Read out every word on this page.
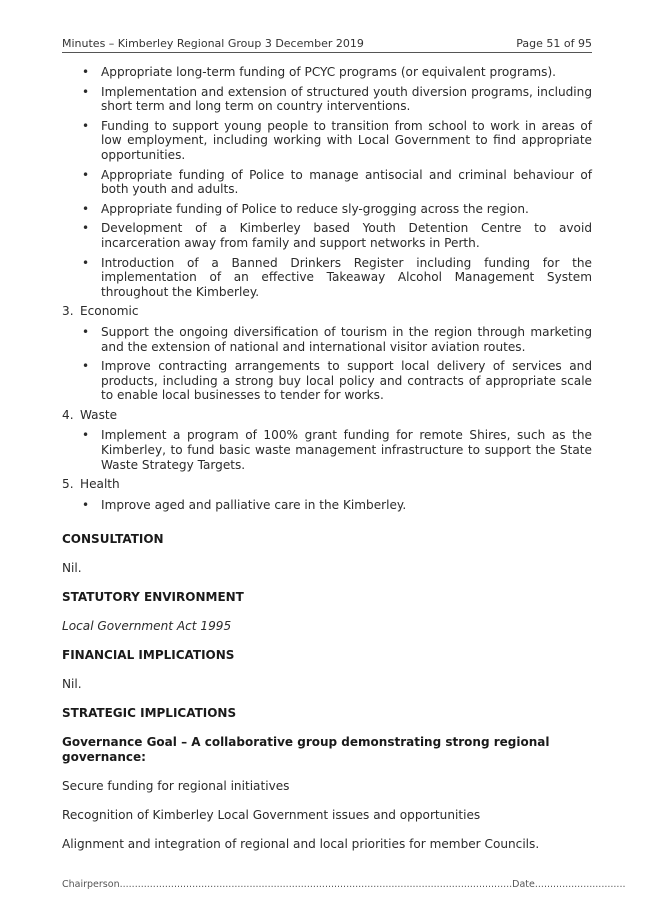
Minutes – Kimberley Regional Group 3 December 2019	Page 51 of 95
• Appropriate long-term funding of PCYC programs (or equivalent programs).
• Implementation and extension of structured youth diversion programs, including short term and long term on country interventions.
• Funding to support young people to transition from school to work in areas of low employment, including working with Local Government to find appropriate opportunities.
• Appropriate funding of Police to manage antisocial and criminal behaviour of both youth and adults.
• Appropriate funding of Police to reduce sly-grogging across the region.
• Development of a Kimberley based Youth Detention Centre to avoid incarceration away from family and support networks in Perth.
• Introduction of a Banned Drinkers Register including funding for the implementation of an effective Takeaway Alcohol Management System throughout the Kimberley.
3. Economic
• Support the ongoing diversification of tourism in the region through marketing and the extension of national and international visitor aviation routes.
• Improve contracting arrangements to support local delivery of services and products, including a strong buy local policy and contracts of appropriate scale to enable local businesses to tender for works.
4. Waste
• Implement a program of 100% grant funding for remote Shires, such as the Kimberley, to fund basic waste management infrastructure to support the State Waste Strategy Targets.
5. Health
• Improve aged and palliative care in the Kimberley.
CONSULTATION
Nil.
STATUTORY ENVIRONMENT
Local Government Act 1995
FINANCIAL IMPLICATIONS
Nil.
STRATEGIC IMPLICATIONS
Governance Goal – A collaborative group demonstrating strong regional governance:
Secure funding for regional initiatives
Recognition of Kimberley Local Government issues and opportunities
Alignment and integration of regional and local priorities for member Councils.
Chairperson..................................................................................................................................Date..............................
